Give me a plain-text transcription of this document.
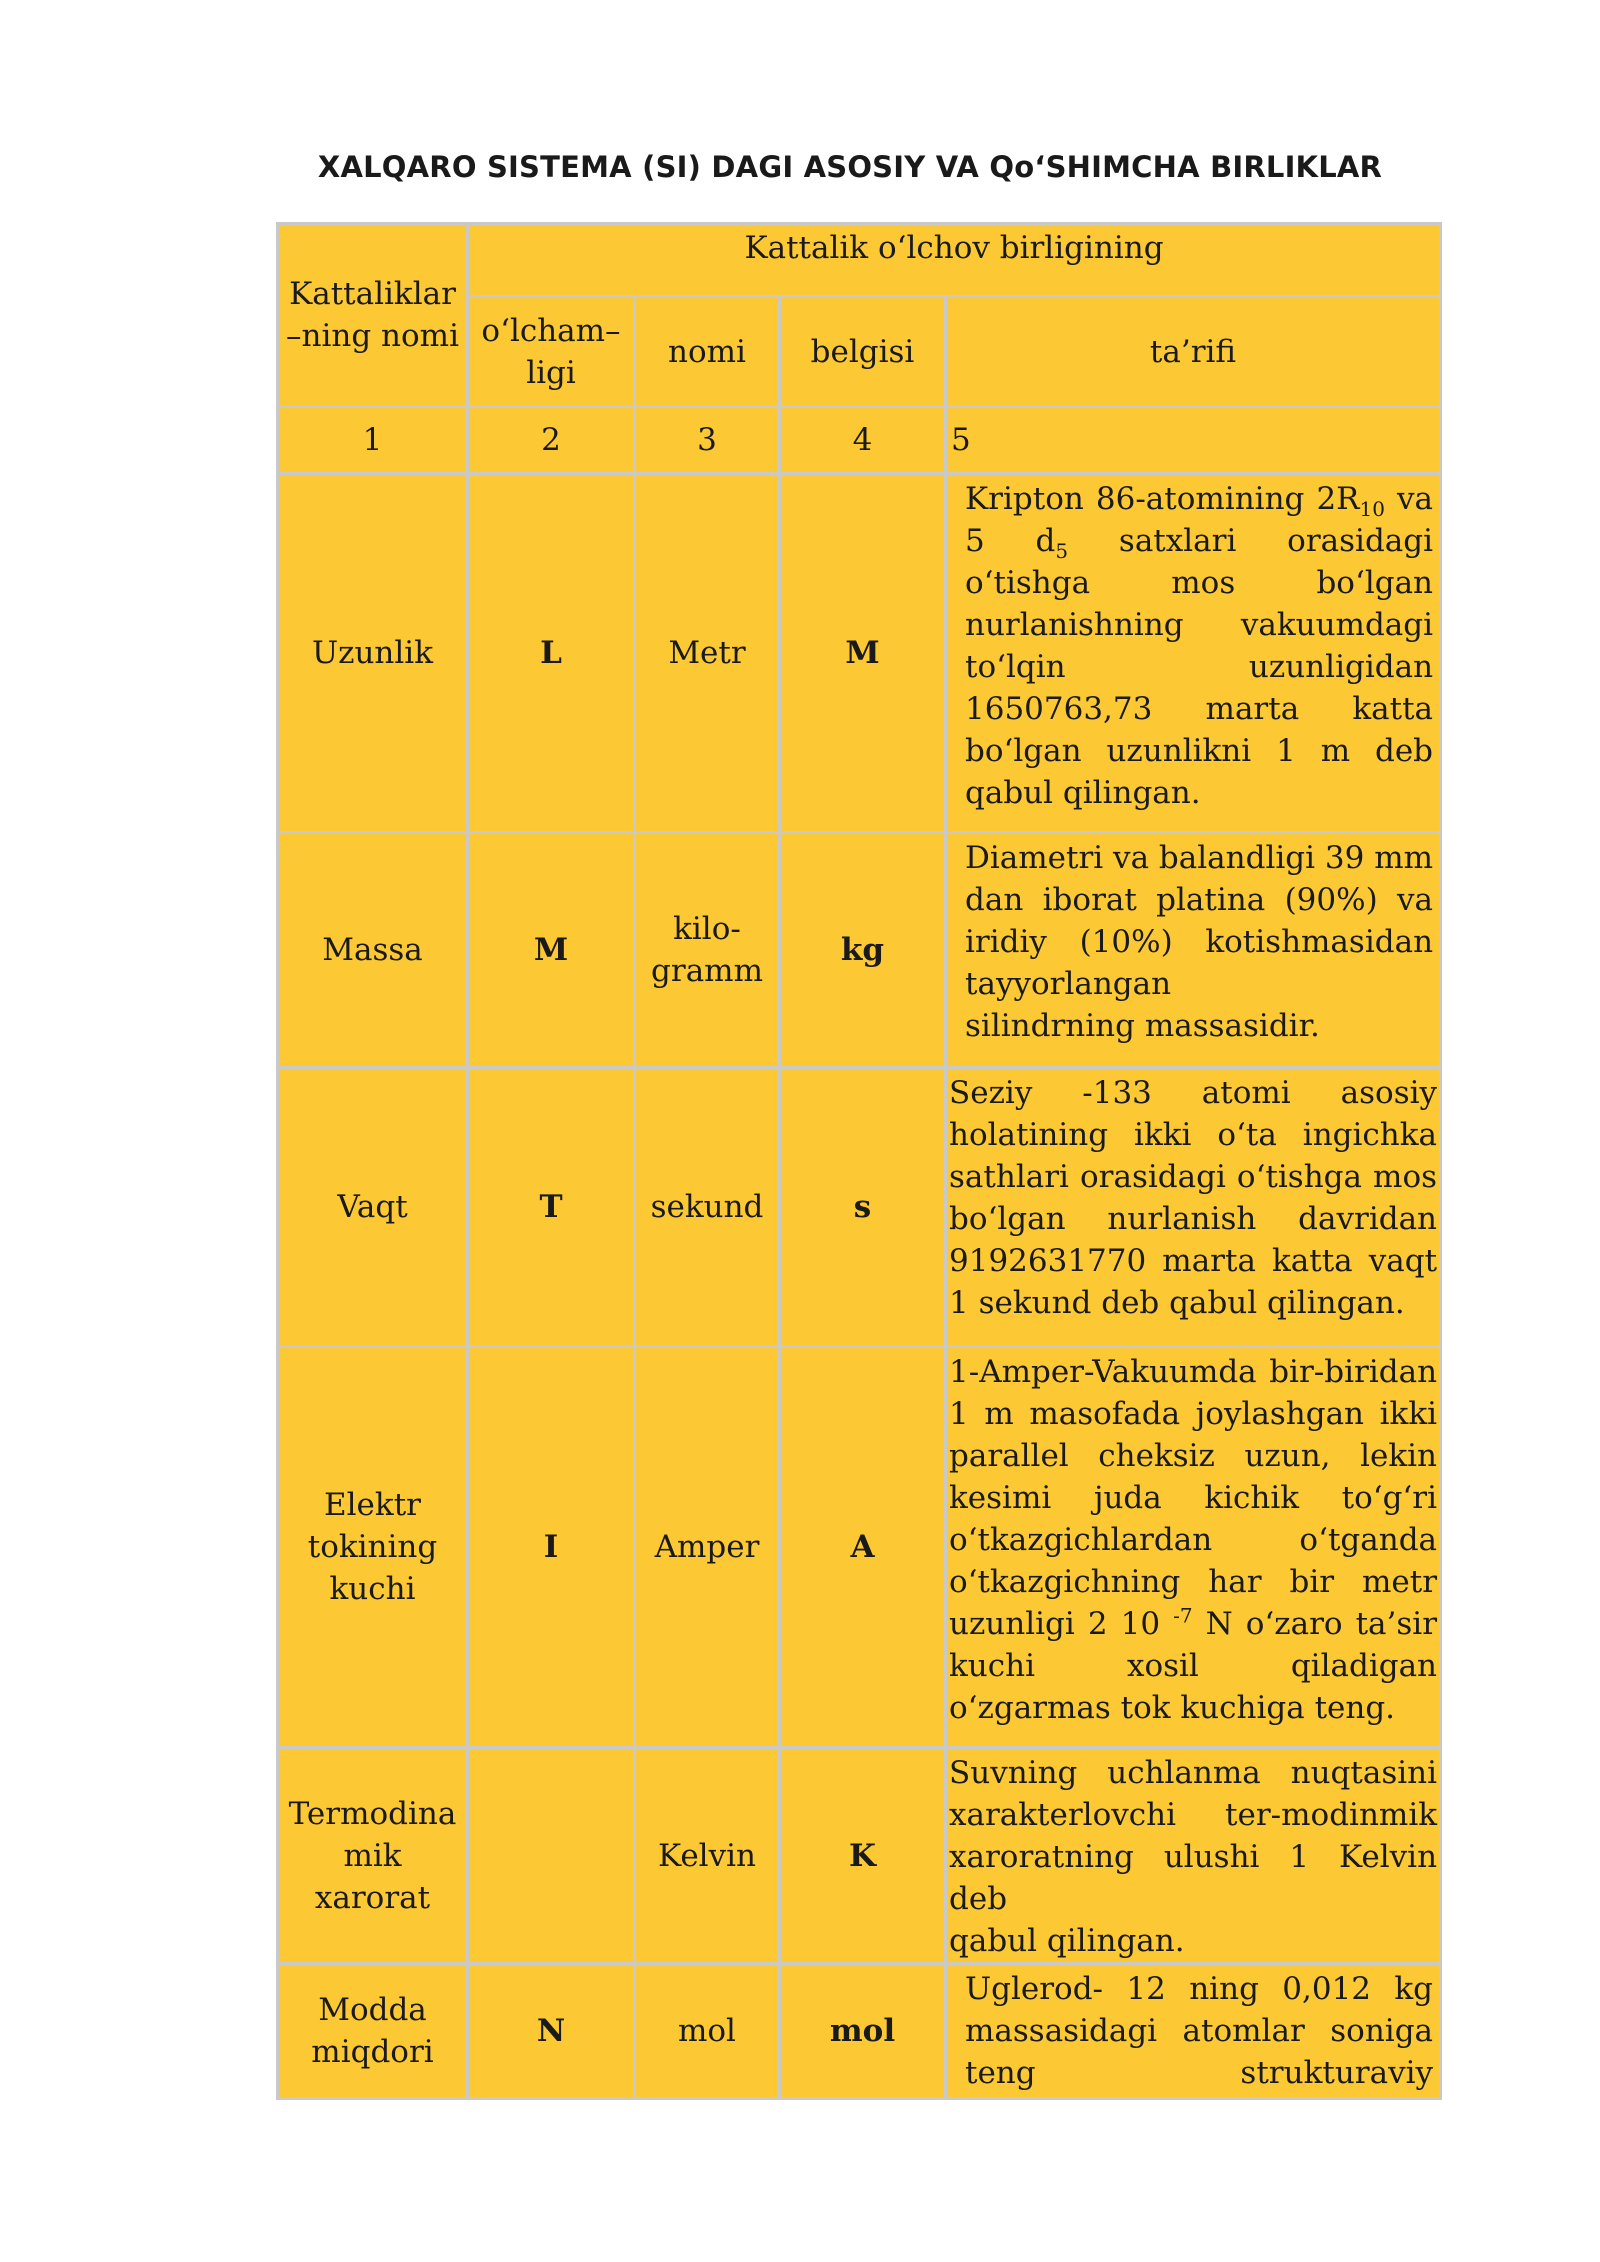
XALQARO SISTEMA (SI) DAGI ASOSIY VA Qo‘SHIMCHA BIRLIKLAR
Kattaliklar –ning nomi	Kattalik o‘lchov birligining			
	o‘lcham– ligi	nomi	belgisi	ta’rifi
1	2	3	4	5
Uzunlik	L	Metr	M	Kripton 86-atomining $2R_{10}$ va 5 $d_5$ satxlari orasidagi o‘tishga mos bo‘lgan nurlanishning vakuumdagi to‘lqin uzunligidan 1650763,73 marta katta bo‘lgan uzunlikni 1 m deb
qabul qilingan.

Massa	M	kilo- gramm	kg	Diametri va balandligi 39 mm dan iborat platina (90%) va iridiy (10%) kotishmasidan tayyorlangan
silindrning massasidir.

Vaqt	T	sekund	s	Seziy -133 atomi asosiy holatining ikki o‘ta ingichka sathlari orasidagi o‘tishga mos bo‘lgan nurlanish davridan 9192631770 marta katta vaqt
1 sekund deb qabul qilingan.

Elektr tokining kuchi	I	Amper	A	1-Amper-Vakuumda bir-biridan 1 m masofada joylashgan ikki parallel cheksiz uzun, lekin kesimi juda kichik to‘g‘ri o‘tkazgichlardan o‘tganda o‘tkazgichning har bir metr uzunligi 2 10 $^{-7}$ N o‘zaro ta’sir kuchi xosil qiladigan
o‘zgarmas tok kuchiga teng.

Termodina mik xarorat		Kelvin	K	Suvning uchlanma nuqtasini xarakterlovchi ter-modinmik xaroratning ulushi 1 Kelvin deb
qabul qilingan.

Modda miqdori	N	mol	mol	Uglerod- 12 ning 0,012 kg massasidagi atomlar soniga teng strukturaviy
